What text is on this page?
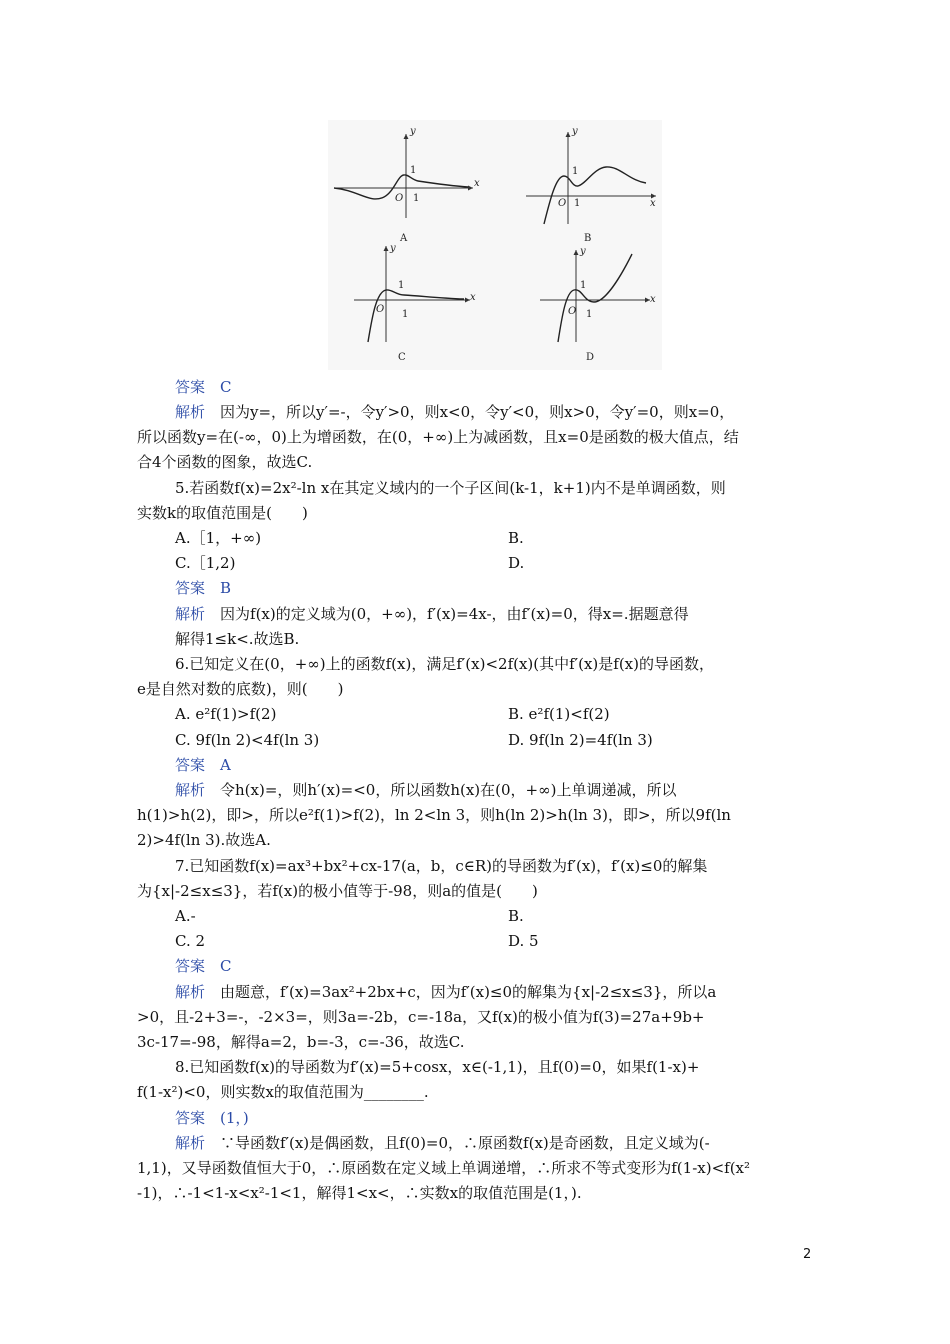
x
y
O 1
1
A
x
y
O 1
1
B
x
y
O 1
1
C
x
y
O 1
1
D
答案　C
解析　因为y=，所以y′=-，令y′>0，则x<0，令y′<0，则x>0，令y′=0，则x=0，
所以函数y=在(-∞，0)上为增函数，在(0，+∞)上为减函数，且x=0是函数的极大值点，结
合4个函数的图象，故选C.
5.若函数f(x)=2x²-ln x在其定义域内的一个子区间(k-1，k+1)内不是单调函数，则
实数k的取值范围是(　　)
A.［1，+∞)	B.
C.［1,2)	D.
答案　B
解析　因为f(x)的定义域为(0，+∞)，f′(x)=4x-，由f′(x)=0，得x=.据题意得
解得1≤k<.故选B.
6.已知定义在(0，+∞)上的函数f(x)，满足f′(x)<2f(x)(其中f′(x)是f(x)的导函数，
e是自然对数的底数)，则(　　)
A. e²f(1)>f(2)	B. e²f(1)<f(2)
C. 9f(ln 2)<4f(ln 3)	D. 9f(ln 2)=4f(ln 3)
答案　A
解析　令h(x)=，则h′(x)=<0，所以函数h(x)在(0，+∞)上单调递减，所以
h(1)>h(2)，即>，所以e²f(1)>f(2)，ln 2<ln 3，则h(ln 2)>h(ln 3)，即>，所以9f(ln
2)>4f(ln 3).故选A.
7.已知函数f(x)=ax³+bx²+cx-17(a，b，c∈R)的导函数为f′(x)，f′(x)≤0的解集
为{x|-2≤x≤3}，若f(x)的极小值等于-98，则a的值是(　　)
A.-	B.
C. 2	D. 5
答案　C
解析　由题意，f′(x)=3ax²+2bx+c，因为f′(x)≤0的解集为{x|-2≤x≤3}，所以a
>0，且-2+3=-，-2×3=，则3a=-2b，c=-18a，又f(x)的极小值为f(3)=27a+9b+
3c-17=-98，解得a=2，b=-3，c=-36，故选C.
8.已知函数f(x)的导函数为f′(x)=5+cosx，x∈(-1,1)，且f(0)=0，如果f(1-x)+
f(1-x²)<0，则实数x的取值范围为________.
答案　(1，)
解析　∵导函数f′(x)是偶函数，且f(0)=0，∴原函数f(x)是奇函数，且定义域为(-
1,1)，又导函数值恒大于0，∴原函数在定义域上单调递增，∴所求不等式变形为f(1-x)<f(x²
-1)，∴-1<1-x<x²-1<1，解得1<x<，∴实数x的取值范围是(1，).
2
